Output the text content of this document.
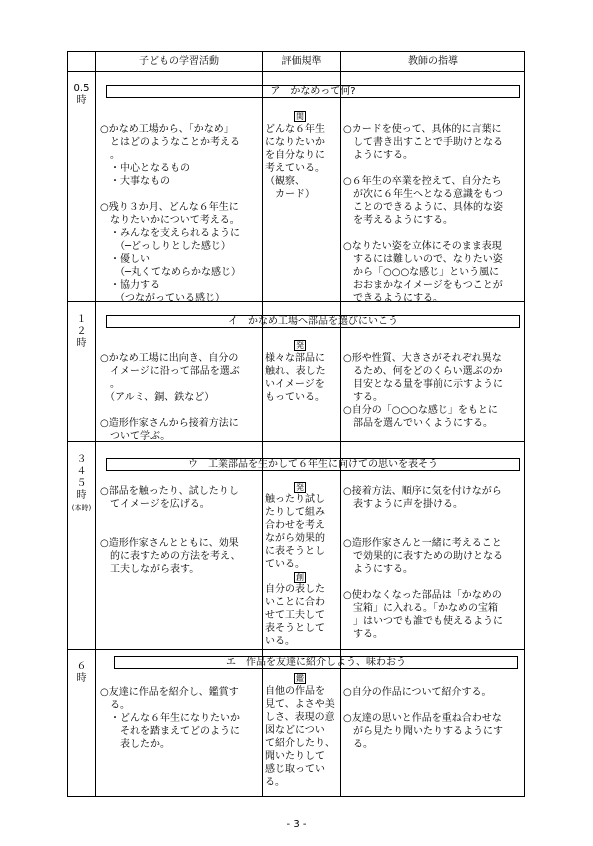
子どもの学習活動	評価規準	教師の指導
0.5
時
ア　かなめって何?
○かなめ工場から、「かなめ」
　とはどのようなことか考える
　。
　・中心となるもの
　・大事なもの

○残り３か月、どんな６年生に
　なりたいかについて考える。
　・みんなを支えられるように
　　（─どっしりとした感じ）
　・優しい
　　（─丸くてなめらかな感じ）
　・協力する
　　（つながっている感じ）
関
どんな６年生
になりたいか
を自分なりに
考えている。
（観察、
　カード）
○カードを使って、具体的に言葉に
　して書き出すことで手助けとなる
　ようにする。

○６年生の卒業を控えて、自分たち
　が次に６年生へとなる意識をもつ
　ことのできるように、具体的な姿
　を考えるようにする。

○なりたい姿を立体にそのまま表現
　するには難しいので、なりたい姿
　から「○○○な感じ」という風に
　おおまかなイメージをもつことが
　できるようにする。
１
２
時
イ　かなめ工場へ部品を選びにいこう
○かなめ工場に出向き、自分の
　イメージに沿って部品を選ぶ
　。
　（アルミ、銅、鉄など）

○造形作家さんから接着方法に
　ついて学ぶ。
発
様々な部品に
触れ、表した
いイメージを
もっている。
○形や性質、大きさがそれぞれ異な
　るため、何をどのくらい選ぶのか
　目安となる量を事前に示すように
　する。
○自分の「○○○な感じ」をもとに
　部品を選んでいくようにする。
３
４
５
時
(本時)
ウ　工業部品を生かして６年生に向けての思いを表そう
○部品を触ったり、試したりし
　てイメージを広げる。

○造形作家さんとともに、効果
　的に表すための方法を考え、
　工夫しながら表す。
発
触ったり試し
たりして組み
合わせを考え
ながら効果的
に表そうとし
ている。
創
自分の表した
いことに合わ
せて工夫して
表そうとして
いる。
○接着方法、順序に気を付けながら
　表すように声を掛ける。

○造形作家さんと一緒に考えること
　で効果的に表すための助けとなる
　ようにする。

○使わなくなった部品は「かなめの
　宝箱」に入れる。「かなめの宝箱
　」はいつでも誰でも使えるように
　する。
６
時
エ　作品を友達に紹介しよう、味わおう
○友達に作品を紹介し、鑑賞す
　る。
　・どんな６年生になりたいか
　　それを踏まえてどのように
　　表したか。
鑑
自他の作品を
見て、よさや美
しさ、表現の意
図などについ
て紹介したり、
聞いたりして
感じ取ってい
る。
○自分の作品について紹介する。

○友達の思いと作品を重ね合わせな
　がら見たり聞いたりするようにす
　る。
- 3 -
